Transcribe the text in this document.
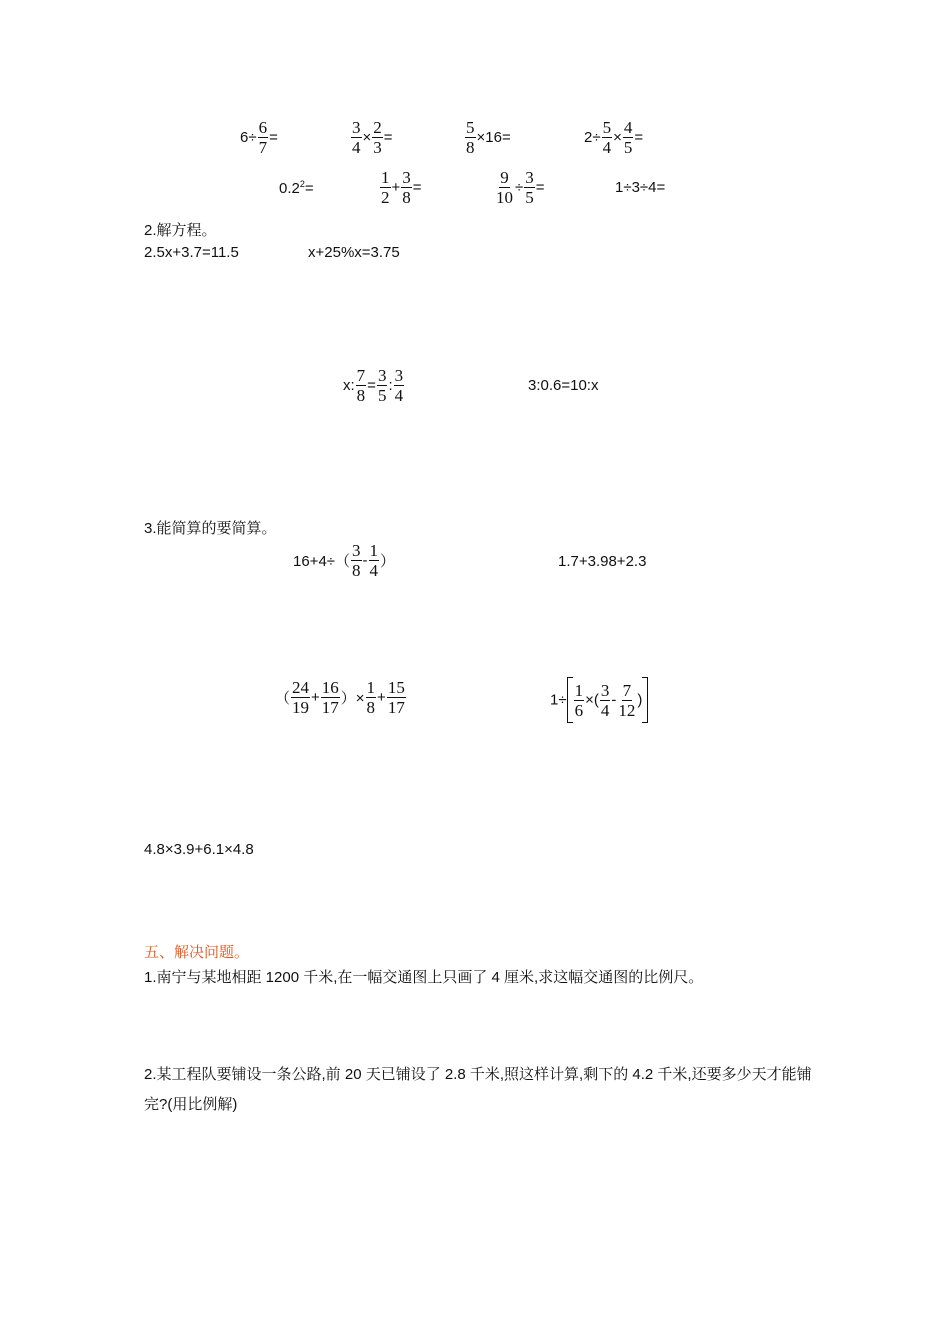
$6\div \frac{6}{7}$ =	$\frac{3}{4} \times \frac{2}{3}$ =	$\frac{5}{8} \times 16=$	$2\div \frac{5}{4} \times \frac{4}{5}$ =
$0.2^2=$	$\frac{1}{2} + \frac{3}{8}$ =	$\frac{9}{10} \div \frac{3}{5}$ =	1÷3÷4=
2.解方程。
2.5x+3.7=11.5	x+25%x=3.75
x: $\frac{7}{8} = \frac{3}{5}$ : $\frac{3}{4}$	3:0.6=10:x
3.能简算的要简算。
$16+4\div( \frac{3}{8} - \frac{1}{4}$ ）	1.7+3.98+2.3
（ $\frac{24}{19} + \frac{16}{17}$ ）× $\frac{1}{8} + \frac{15}{17}$	$1\div \frac{1}{6}$ ×( $\frac{3}{4} - \frac{7}{12}$ )
4.8×3.9+6.1×4.8
五、解决问题。
1.南宁与某地相距 1200 千米,在一幅交通图上只画了 4 厘米,求这幅交通图的比例尺。
2.某工程队要铺设一条公路,前 20 天已铺设了 2.8 千米,照这样计算,剩下的 4.2 千米,还要多少天才能铺完?(用比例解)
